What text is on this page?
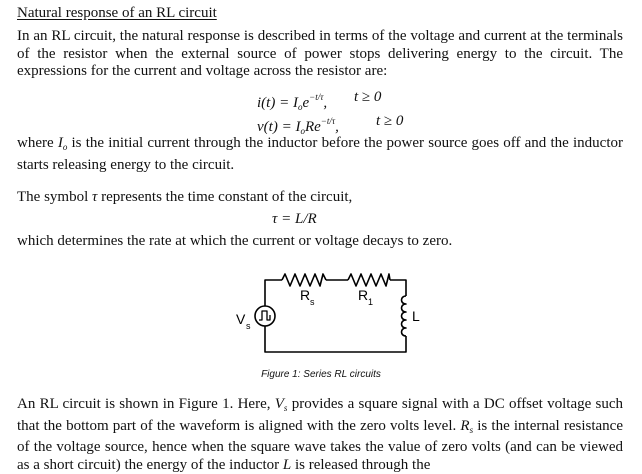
Natural response of an RL circuit

In an RL circuit, the natural response is described in terms of the voltage and current at the terminals of the resistor when the external source of power stops delivering energy to the circuit. The expressions for the current and voltage across the resistor are:

$i(t) = I_oe^{-t/\tau}$, t ≥ 0
$v(t) = I_oRe^{-t/\tau}$, t ≥ 0

where $I_o$ is the initial current through the inductor before the power source goes off and the inductor starts releasing energy to the circuit.

The symbol τ represents the time constant of the circuit,

τ = L/R

which determines the rate at which the current or voltage decays to zero.

V s
R s	R 1
L
Figure 1: Series RL circuits

An RL circuit is shown in Figure 1. Here, $V_s$ provides a square signal with a DC offset voltage such that the bottom part of the waveform is aligned with the zero volts level. $R_s$ is the internal resistance of the voltage source, hence when the square wave takes the value of zero volts (and can be viewed as a short circuit) the energy of the inductor L is released through the
